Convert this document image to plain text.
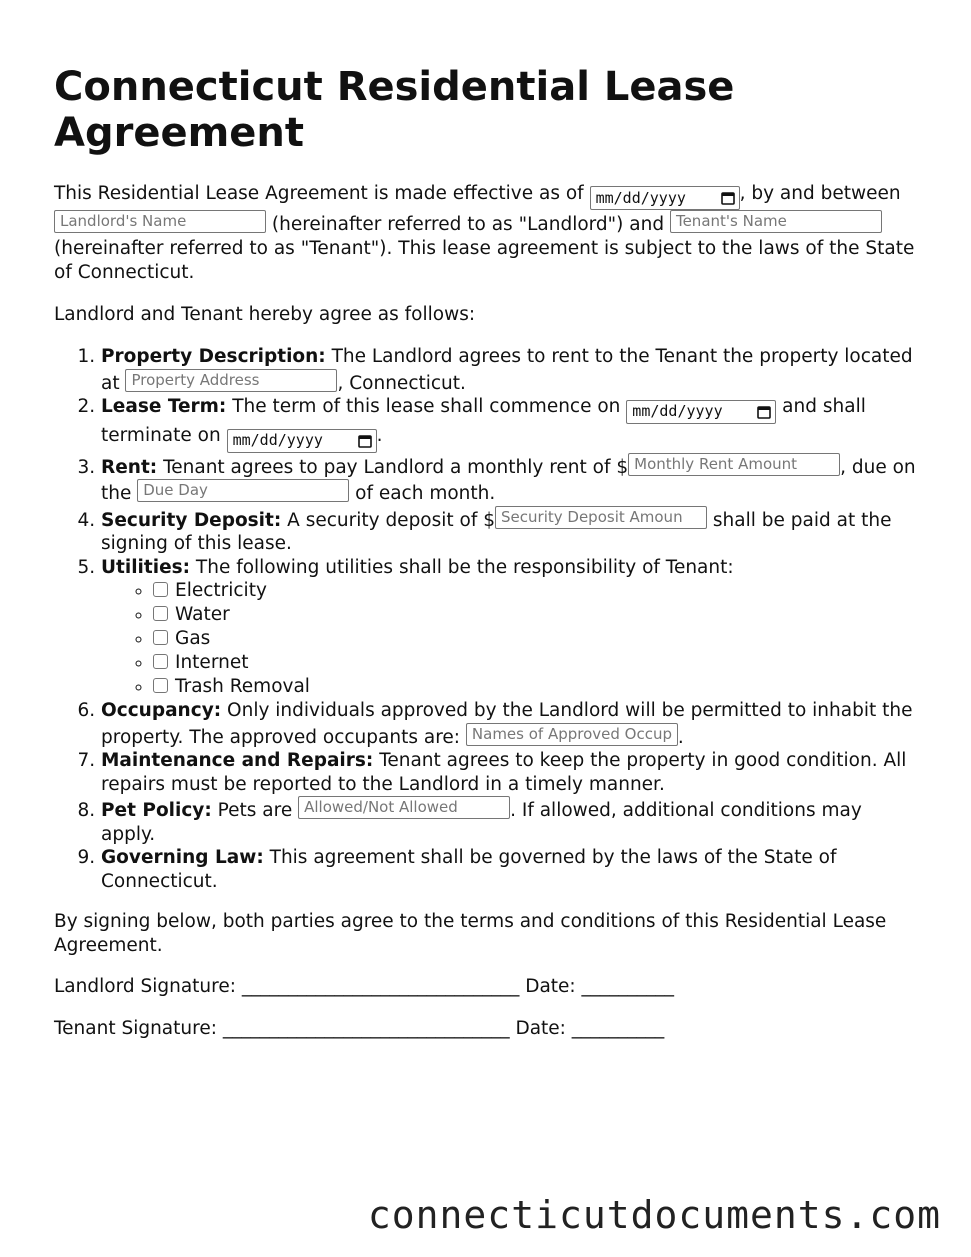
Connecticut Residential Lease Agreement

This Residential Lease Agreement is made effective as of mm/dd/yyyy	, by and between Landlord's Name	(hereinafter referred to as "Landlord") and Tenant's Name (hereinafter referred to as "Tenant"). This lease agreement is subject to the laws of the State of Connecticut.

Landlord and Tenant hereby agree as follows:

1. Property Description: The Landlord agrees to rent to the Tenant the property located at Property Address	, Connecticut.
2. Lease Term: The term of this lease shall commence on mm/dd/yyyy	and shall terminate on mm/dd/yyyy	.
3. Rent: Tenant agrees to pay Landlord a monthly rent of $ Monthly Rent Amount , due on the Due Day	of each month.
4. Security Deposit: A security deposit of $ Security Deposit Amoun shall be paid at the signing of this lease.
5. Utilities: The following utilities shall be the responsibility of Tenant:
◦ Electricity
◦ Water
◦ Gas
◦ Internet
◦ Trash Removal
6. Occupancy: Only individuals approved by the Landlord will be permitted to inhabit the property. The approved occupants are: Names of Approved Occup .
7. Maintenance and Repairs: Tenant agrees to keep the property in good condition. All repairs must be reported to the Landlord in a timely manner.
8. Pet Policy: Pets are Allowed/Not Allowed	. If allowed, additional conditions may apply.
9. Governing Law: This agreement shall be governed by the laws of the State of Connecticut.

By signing below, both parties agree to the terms and conditions of this Residential Lease Agreement.

Landlord Signature: ______________________________ Date: __________

Tenant Signature: _______________________________ Date: __________

connecticutdocuments.com
